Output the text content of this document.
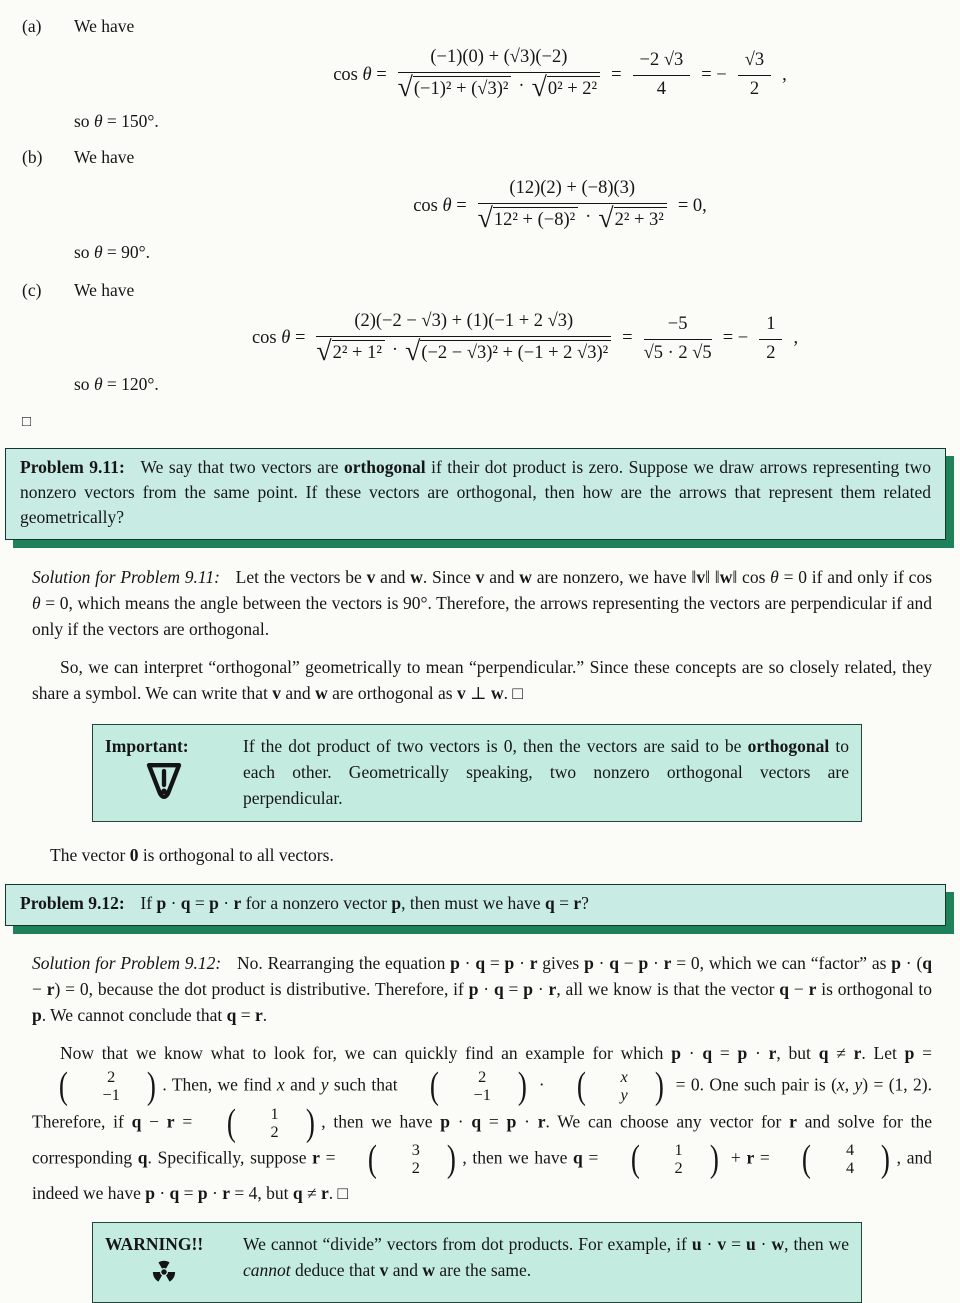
(a) We have
$\cos \theta = \frac{(-1)(0) + (√3)(-2)}{\text{√ (−1)² + (√3)² · √ 0² + 2²}} = \frac{-2 √3}{4}$ = − $\frac{√3}{2}$ ,
so θ = 150°.
(b) We have
$\cos \theta = \frac{(12)(2) + (-8)(3)}{\text{√ 12² + (−8)² · √ 2² + 3²}} = 0$,
so θ = 90°.
(c) We have
$\cos \theta = \frac{(2)(-2 - √3) + (1)(-1 + 2 √3)}{\text{√ 2² + 1² · √ (−2 − √3)² + (−1 + 2 √3)²}} = \frac{-5}{√5 \cdot 2 √5}$ = − $\frac{1}{2}$ ,
so θ = 120°.
□
Problem 9.11: We say that two vectors are orthogonal if their dot product is zero. Suppose we draw arrows representing two nonzero vectors from the same point. If these vectors are orthogonal, then how are the arrows that represent them related geometrically?

Solution for Problem 9.11: Let the vectors be v and w. Since v and w are nonzero, we have ‖v‖ ‖w‖ cos θ = 0 if and only if cos θ = 0, which means the angle between the vectors is 90°. Therefore, the arrows representing the vectors are perpendicular if and only if the vectors are orthogonal.

So, we can interpret “orthogonal” geometrically to mean “perpendicular.” Since these concepts are so closely related, they share a symbol. We can write that v and w are orthogonal as v ⊥ w. □

Important:	If the dot product of two vectors is 0, then the vectors are said to be orthogonal to each other. Geometrically speaking, two nonzero orthogonal vectors are perpendicular.
The vector 0 is orthogonal to all vectors.
Problem 9.12: If p · q = p · r for a nonzero vector p, then must we have q = r?

Solution for Problem 9.12: No. Rearranging the equation p · q = p · r gives p · q − p · r = 0, which we can “factor” as p · (q − r) = 0, because the dot product is distributive. Therefore, if p · q = p · r, all we know is that the vector q − r is orthogonal to p. We cannot conclude that q = r.

Now that we know what to look for, we can quickly find an example for which p · q = p · r, but q ≠ r. Let p =
(	2
−1 ) . Then, we find x and y such that (	2
−1 ) · (	x
y ) = 0. One such pair is (x, y) = (1, 2). Therefore, if q − r = (	1
2 ) , then we have p · q = p · r. We can choose any vector for r and solve for the corresponding q. Specifically, suppose r = (	3
2 ) , then we have q = (	1
2 ) + r = (	4
4 ) , and indeed we have p · q = p · r = 4, but q ≠ r. □

WARNING!!	We cannot “divide” vectors from dot products. For example, if u · v = u · w, then we cannot deduce that v and w are the same.
